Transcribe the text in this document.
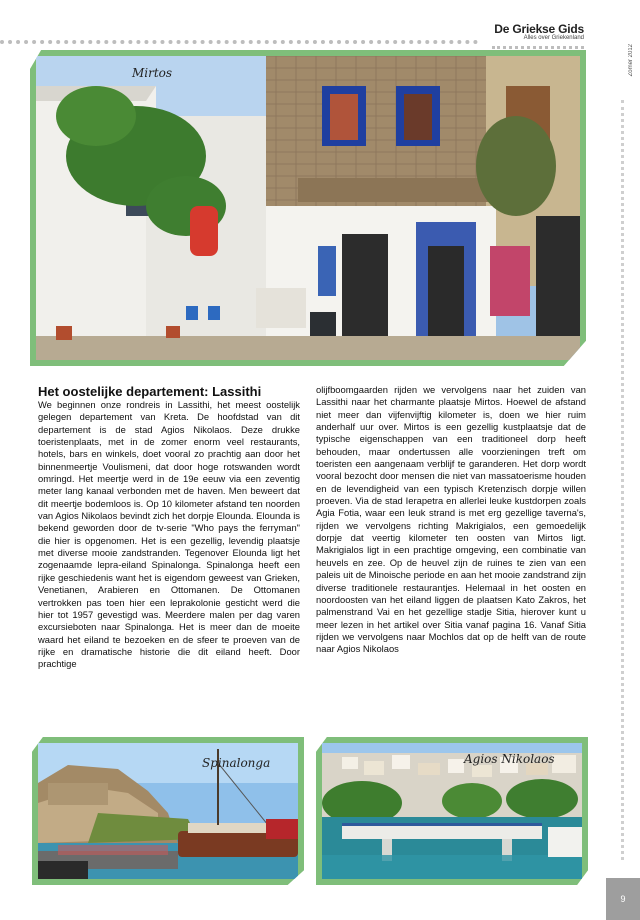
De Griekse Gids
Alles over Griekenland
Zomer 2012
Mirtos
Het oostelijke departement: Lassithi

We beginnen onze rondreis in Lassithi, het meest oostelijk gelegen departement van Kreta. De hoofdstad van dit departement is de stad Agios Nikolaos. Deze drukke toeristenplaats, met in de zomer enorm veel restaurants, hotels, bars en winkels, doet vooral zo prachtig aan door het binnenmeertje Voulismeni, dat door hoge rotswanden wordt omringd. Het meertje werd in de 19e eeuw via een zeventig meter lang kanaal verbonden met de haven. Men beweert dat dit meertje bodemloos is. Op 10 kilometer afstand ten noorden van Agios Nikolaos bevindt zich het dorpje Elounda. Elounda is bekend geworden door de tv-serie "Who pays the ferryman" die hier is opgenomen. Het is een gezellig, levendig plaatsje met diverse mooie zandstranden. Tegenover Elounda ligt het zogenaamde lepra-eiland Spinalonga. Spinalonga heeft een rijke geschiedenis want het is eigendom geweest van Grieken, Venetianen, Arabieren en Ottomanen. De Ottomanen vertrokken pas toen hier een leprakolonie gesticht werd die hier tot 1957 gevestigd was. Meerdere malen per dag varen excursieboten naar Spinalonga. Het is meer dan de moeite waard het eiland te bezoeken en de sfeer te proeven van de rijke en dramatische historie die dit eiland heeft. Door prachtige

olijfboomgaarden rijden we vervolgens naar het zuiden van Lassithi naar het charmante plaatsje Mirtos. Hoewel de afstand niet meer dan vijfenvijftig kilometer is, doen we hier ruim anderhalf uur over. Mirtos is een gezellig kustplaatsje dat de typische eigenschappen van een traditioneel dorp heeft behouden, maar ondertussen alle voorzieningen treft om toeristen een aangenaam verblijf te garanderen. Het dorp wordt vooral bezocht door mensen die niet van massatoerisme houden en de levendigheid van een typisch Kretenzisch dorpje willen proeven. Via de stad Ierapetra en allerlei leuke kustdorpen zoals Agia Fotia, waar een leuk strand is met erg gezellige taverna's, rijden we vervolgens richting Makrigialos, een gemoedelijk dorpje dat veertig kilometer ten oosten van Mirtos ligt. Makrigialos ligt in een prachtige omgeving, een combinatie van heuvels en zee. Op de heuvel zijn de ruines te zien van een paleis uit de Minoische periode en aan het mooie zandstrand zijn diverse traditionele restaurantjes. Helemaal in het oosten en noordoosten van het eiland liggen de plaatsen Kato Zakros, het palmenstrand Vai en het gezellige stadje Sitia, hierover kunt u meer lezen in het artikel over Sitia vanaf pagina 16. Vanaf Sitia rijden we vervolgens naar Mochlos dat op de helft van de route naar Agios Nikolaos

Spinalonga	Agios Nikolaos
9
